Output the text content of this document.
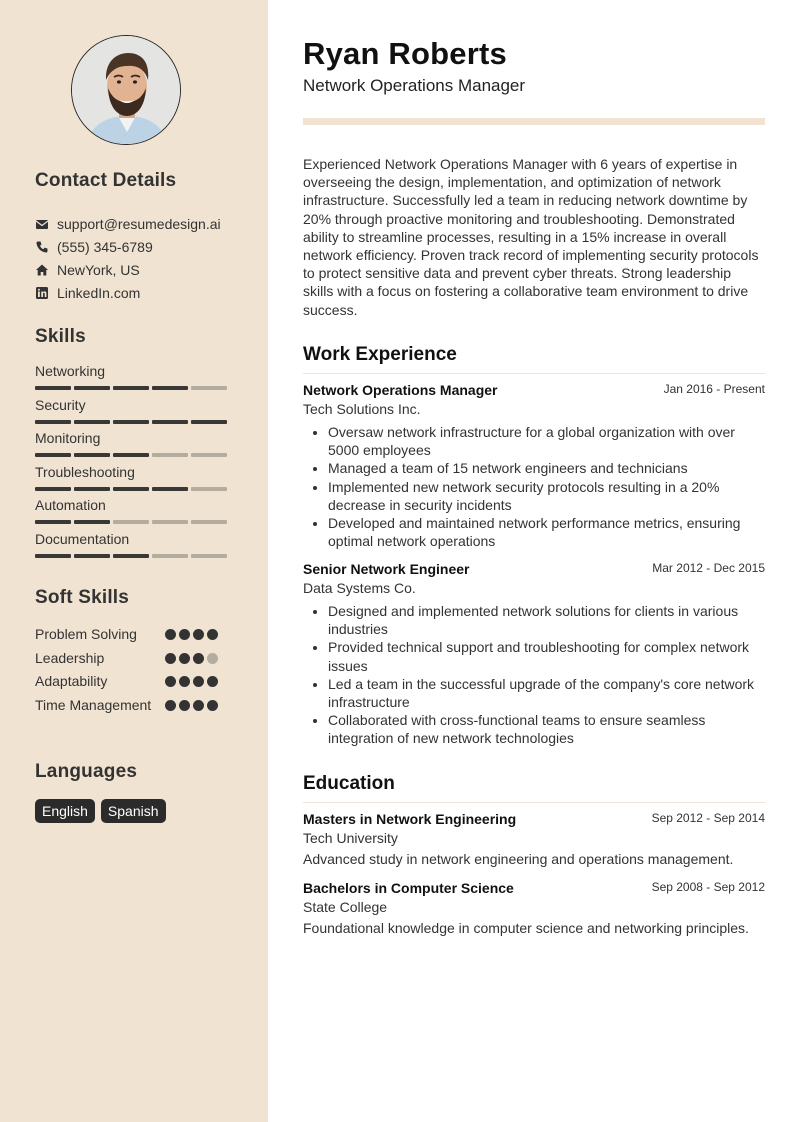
Contact Details
support@resumedesign.ai
(555) 345-6789
NewYork, US
LinkedIn.com
Skills
Networking
Security
Monitoring
Troubleshooting
Automation
Documentation
Soft Skills
Problem Solving
Leadership
Adaptability
Time Management
Languages
English	Spanish
Ryan Roberts
Network Operations Manager

Experienced Network Operations Manager with 6 years of expertise in overseeing the design, implementation, and optimization of network infrastructure. Successfully led a team in reducing network downtime by 20% through proactive monitoring and troubleshooting. Demonstrated ability to streamline processes, resulting in a 15% increase in overall network efficiency. Proven track record of implementing security protocols to protect sensitive data and prevent cyber threats. Strong leadership skills with a focus on fostering a collaborative team environment to drive success.

Work Experience
Network Operations Manager	Jan 2016 - Present
Tech Solutions Inc.
• Oversaw network infrastructure for a global organization with over 5000 employees
• Managed a team of 15 network engineers and technicians
• Implemented new network security protocols resulting in a 20% decrease in security incidents
• Developed and maintained network performance metrics, ensuring optimal network operations
Senior Network Engineer	Mar 2012 - Dec 2015
Data Systems Co.
• Designed and implemented network solutions for clients in various industries
• Provided technical support and troubleshooting for complex network issues
• Led a team in the successful upgrade of the company's core network infrastructure
• Collaborated with cross-functional teams to ensure seamless integration of new network technologies
Education
Masters in Network Engineering	Sep 2012 - Sep 2014
Tech University
Advanced study in network engineering and operations management.
Bachelors in Computer Science	Sep 2008 - Sep 2012
State College
Foundational knowledge in computer science and networking principles.
